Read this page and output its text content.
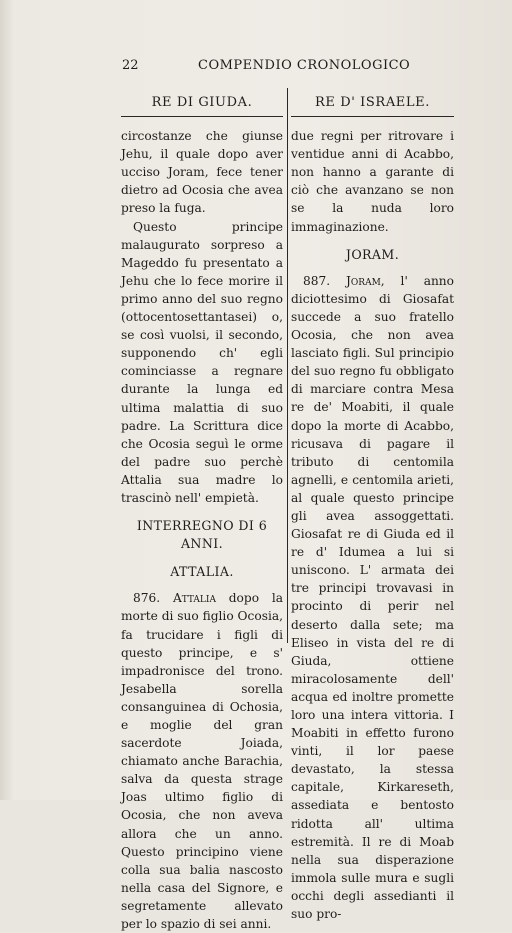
22	COMPENDIO CRONOLOGICO
RE DI GIUDA.

circostanze che giunse Jehu, il quale dopo aver ucciso Joram, fece tener dietro ad Ocosia che avea preso la fuga.

Questo principe malaugurato sorpreso a Mageddo fu presentato a Jehu che lo fece morire il primo anno del suo regno (ottocentosettantasei) o, se così vuolsi, il secondo, supponendo ch' egli cominciasse a regnare durante la lunga ed ultima malattia di suo padre. La Scrittura dice che Ocosia seguì le orme del padre suo perchè Attalia sua madre lo trascinò nell' empietà.

INTERREGNO DI 6 ANNI.
ATTALIA.

876. Attalia dopo la morte di suo figlio Ocosia, fa trucidare i figli di questo principe, e s' impadronisce del trono. Jesabella sorella consanguinea di Ochosia, e moglie del gran sacerdote Joiada, chiamato anche Barachia, salva da questa strage Joas ultimo figlio di Ocosia, che non aveva allora che un anno. Questo principino viene colla sua balia nascosto nella casa del Signore, e segretamente allevato per lo spazio di sei anni.

RE D' ISRAELE.

due regni per ritrovare i ventidue anni di Acabbo, non hanno a garante di ciò che avanzano se non se la nuda loro immaginazione.

JORAM.

887. Joram, l' anno diciottesimo di Giosafat succede a suo fratello Ocosia, che non avea lasciato figli. Sul principio del suo regno fu obbligato di marciare contra Mesa re de' Moabiti, il quale dopo la morte di Acabbo, ricusava di pagare il tributo di centomila agnelli, e centomila arieti, al quale questo principe gli avea assoggettati. Giosafat re di Giuda ed il re d' Idumea a lui si uniscono. L' armata dei tre principi trovavasi in procinto di perir nel deserto dalla sete; ma Eliseo in vista del re di Giuda, ottiene miracolosamente dell' acqua ed inoltre promette loro una intera vittoria. I Moabiti in effetto furono vinti, il lor paese devastato, la stessa capitale, Kirkareseth, assediata e bentosto ridotta all' ultima estremità. Il re di Moab nella sua disperazione immola sulle mura e sugli occhi degli assedianti il suo pro-
